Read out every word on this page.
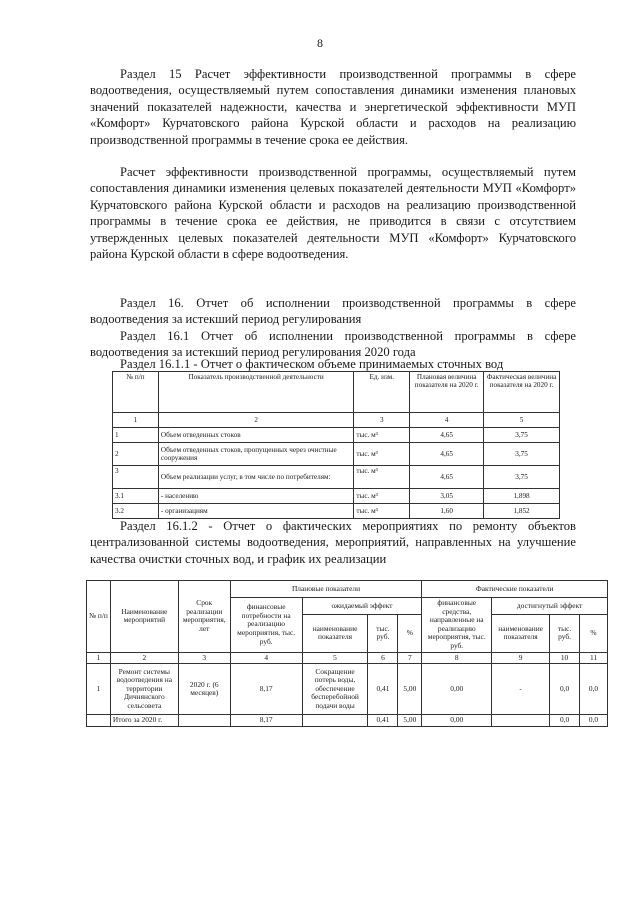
8
Раздел 15 Расчет эффективности производственной программы в сфере водоотведения, осуществляемый путем сопоставления динамики изменения плановых значений показателей надежности, качества и энергетической эффективности МУП «Комфорт» Курчатовского района Курской области и расходов на реализацию производственной программы в течение срока ее действия.
Расчет эффективности производственной программы, осуществляемый путем сопоставления динамики изменения целевых показателей деятельности МУП «Комфорт» Курчатовского района Курской области и расходов на реализацию производственной программы в течение срока ее действия, не приводится в связи с отсутствием утвержденных целевых показателей деятельности МУП «Комфорт» Курчатовского района Курской области в сфере водоотведения.
Раздел 16. Отчет об исполнении производственной программы в сфере водоотведения за истекший период регулирования
Раздел 16.1 Отчет об исполнении производственной программы в сфере водоотведения за истекший период регулирования 2020 года
Раздел 16.1.1 - Отчет о фактическом объеме принимаемых сточных вод
№ п/п	Показатель производственной деятельности	Ед. изм.	Плановая величина показателя на 2020 г.	Фактическая величина показателя на 2020 г.
1	2	3	4	5
1	Объем отведенных стоков	тыс. м³	4,65	3,75
2	Объем отведенных стоков, пропущенных через очистные сооружения	тыс. м³	4,65	3,75
3	Объем реализации услуг, в том числе по потребителям:	тыс. м³	4,65	3,75
3.1	- населению	тыс. м³	3,05	1,898
3.2	- организациям	тыс. м³	1,60	1,852
Раздел 16.1.2 - Отчет о фактических мероприятиях по ремонту объектов централизованной системы водоотведения, мероприятий, направленных на улучшение качества очистки сточных вод, и график их реализации
№ п/п	Наименование мероприятий	Срок реализации мероприятия, лет	Плановые показатели				Фактические показатели			
			финансовые потребности на реализацию мероприятия, тыс. руб.	ожидаемый эффект			финансовые средства, направленные на реализацию мероприятия, тыс. руб.	достигнутый эффект		
				наименование показателя	тыс. руб.	%		наименование показателя	тыс. руб.	%
1	2	3	4	5	6	7	8	9	10	11
1	Ремонт системы водоотведения на территории Дичнянского сельсовета	2020 г. (6 месяцев)	8,17	Сокращение потерь воды, обеспечение бесперебойной подачи воды	0,41	5,00	0,00	-	0,0	0,0
	Итого за 2020 г.		8,17		0,41	5,00	0,00		0,0	0,0
